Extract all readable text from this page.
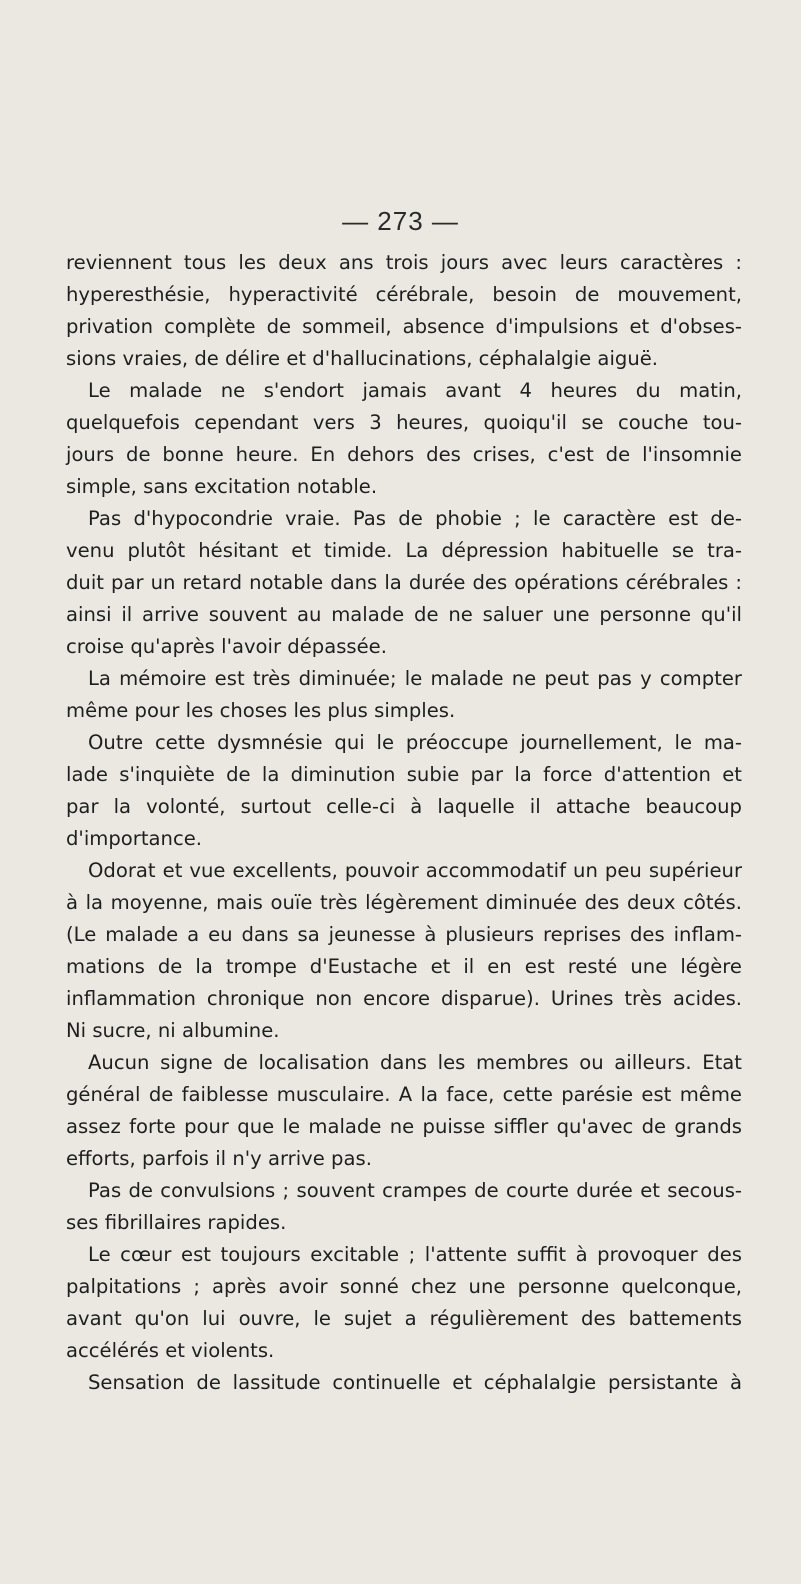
— 273 —
reviennent tous les deux ans trois jours avec leurs caractères :
hyperesthésie, hyperactivité cérébrale, besoin de mouvement,
privation complète de sommeil, absence d'impulsions et d'obses-
sions vraies, de délire et d'hallucinations, céphalalgie aiguë.
Le malade ne s'endort jamais avant 4 heures du matin,
quelquefois cependant vers 3 heures, quoiqu'il se couche tou-
jours de bonne heure. En dehors des crises, c'est de l'insomnie
simple, sans excitation notable.
Pas d'hypocondrie vraie. Pas de phobie ; le caractère est de-
venu plutôt hésitant et timide. La dépression habituelle se tra-
duit par un retard notable dans la durée des opérations cérébrales :
ainsi il arrive souvent au malade de ne saluer une personne qu'il
croise qu'après l'avoir dépassée.
La mémoire est très diminuée; le malade ne peut pas y compter
même pour les choses les plus simples.
Outre cette dysmnésie qui le préoccupe journellement, le ma-
lade s'inquiète de la diminution subie par la force d'attention et
par la volonté, surtout celle-ci à laquelle il attache beaucoup
d'importance.
Odorat et vue excellents, pouvoir accommodatif un peu supérieur
à la moyenne, mais ouïe très légèrement diminuée des deux côtés.
(Le malade a eu dans sa jeunesse à plusieurs reprises des inflam-
mations de la trompe d'Eustache et il en est resté une légère
inflammation chronique non encore disparue). Urines très acides.
Ni sucre, ni albumine.
Aucun signe de localisation dans les membres ou ailleurs. Etat
général de faiblesse musculaire. A la face, cette parésie est même
assez forte pour que le malade ne puisse siffler qu'avec de grands
efforts, parfois il n'y arrive pas.
Pas de convulsions ; souvent crampes de courte durée et secous-
ses fibrillaires rapides.
Le cœur est toujours excitable ; l'attente suffit à provoquer des
palpitations ; après avoir sonné chez une personne quelconque,
avant qu'on lui ouvre, le sujet a régulièrement des battements
accélérés et violents.
Sensation de lassitude continuelle et céphalalgie persistante à
